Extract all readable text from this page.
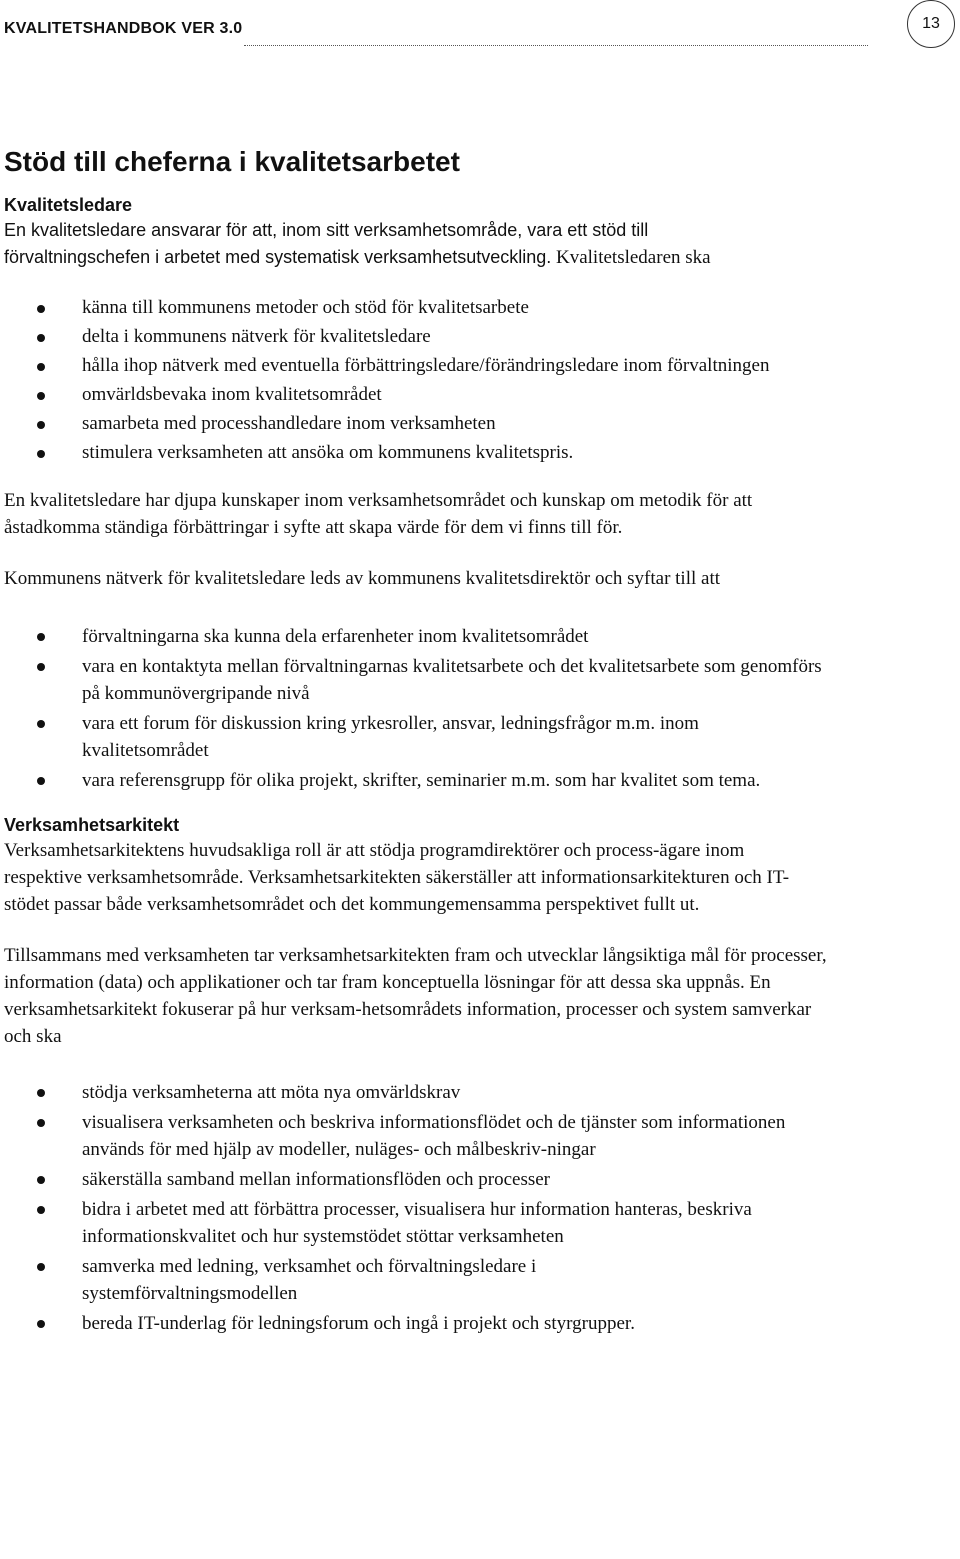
KVALITETSHANDBOK VER 3.0	13
Stöd till cheferna i kvalitetsarbetet
Kvalitetsledare

En kvalitetsledare ansvarar för att, inom sitt verksamhetsområde, vara ett stöd till
förvaltningschefen i arbetet med systematisk verksamhetsutveckling. Kvalitetsledaren ska

känna till kommunens metoder och stöd för kvalitetsarbete
delta i kommunens nätverk för kvalitetsledare
hålla ihop nätverk med eventuella förbättringsledare/förändringsledare inom förvaltningen
omvärldsbevaka inom kvalitetsområdet
samarbeta med processhandledare inom verksamheten
stimulera verksamheten att ansöka om kommunens kvalitetspris.

En kvalitetsledare har djupa kunskaper inom verksamhetsområdet och kunskap om metodik för att åstadkomma ständiga förbättringar i syfte att skapa värde för dem vi finns till för.

Kommunens nätverk för kvalitetsledare leds av kommunens kvalitetsdirektör och syftar till att

förvaltningarna ska kunna dela erfarenheter inom kvalitetsområdet
vara en kontaktyta mellan förvaltningarnas kvalitetsarbete och det kvalitetsarbete som genomförs på kommunövergripande nivå
vara ett forum för diskussion kring yrkesroller, ansvar, ledningsfrågor m.m. inom kvalitetsområdet
vara referensgrupp för olika projekt, skrifter, seminarier m.m. som har kvalitet som tema.
Verksamhetsarkitekt

Verksamhetsarkitektens huvudsakliga roll är att stödja programdirektörer och process-ägare inom respektive verksamhetsområde. Verksamhetsarkitekten säkerställer att informationsarkitekturen och IT-stödet passar både verksamhetsområdet och det kommungemensamma perspektivet fullt ut.

Tillsammans med verksamheten tar verksamhetsarkitekten fram och utvecklar långsiktiga mål för processer, information (data) och applikationer och tar fram konceptuella lösningar för att dessa ska uppnås. En verksamhetsarkitekt fokuserar på hur verksam-hetsområdets information, processer och system samverkar och ska

stödja verksamheterna att möta nya omvärldskrav
visualisera verksamheten och beskriva informationsflödet och de tjänster som informationen används för med hjälp av modeller, nuläges- och målbeskriv-ningar
säkerställa samband mellan informationsflöden och processer
bidra i arbetet med att förbättra processer, visualisera hur information hanteras, beskriva informationskvalitet och hur systemstödet stöttar verksamheten
samverka med ledning, verksamhet och förvaltningsledare i systemförvaltningsmodellen
bereda IT-underlag för ledningsforum och ingå i projekt och styrgrupper.
